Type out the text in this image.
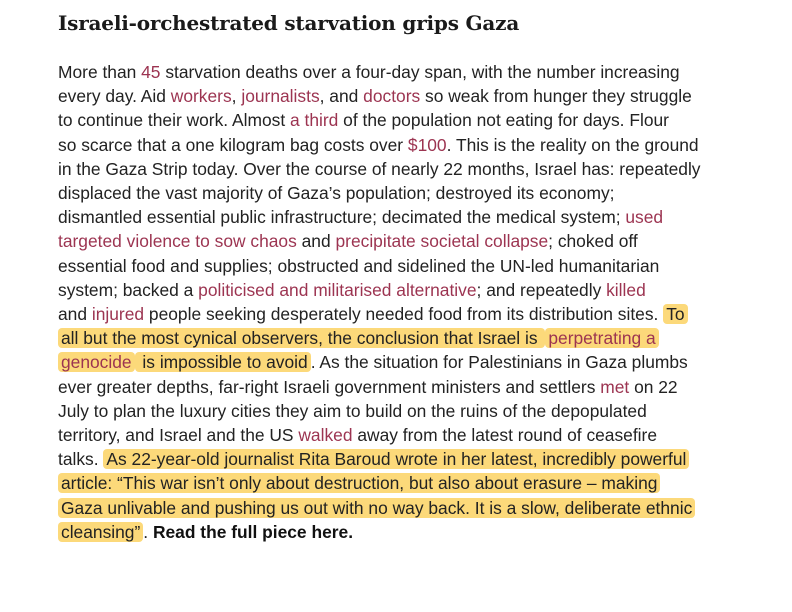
Israeli-orchestrated starvation grips Gaza
More than 45 starvation deaths over a four-day span, with the number increasing
every day. Aid workers, journalists, and doctors so weak from hunger they struggle
to continue their work. Almost a third of the population not eating for days. Flour
so scarce that a one kilogram bag costs over $100. This is the reality on the ground
in the Gaza Strip today. Over the course of nearly 22 months, Israel has: repeatedly
displaced the vast majority of Gaza’s population; destroyed its economy;
dismantled essential public infrastructure; decimated the medical system; used
targeted violence to sow chaos and precipitate societal collapse; choked off
essential food and supplies; obstructed and sidelined the UN-led humanitarian
system; backed a politicised and militarised alternative; and repeatedly killed
and injured people seeking desperately needed food from its distribution sites. To
all but the most cynical observers, the conclusion that Israel is perpetrating a
genocide is impossible to avoid . As the situation for Palestinians in Gaza plumbs
ever greater depths, far-right Israeli government ministers and settlers met on 22
July to plan the luxury cities they aim to build on the ruins of the depopulated
territory, and Israel and the US walked away from the latest round of ceasefire
talks. As 22-year-old journalist Rita Baroud wrote in her latest, incredibly powerful
article: “This war isn’t only about destruction, but also about erasure – making
Gaza unlivable and pushing us out with no way back. It is a slow, deliberate ethnic
cleansing” . Read the full piece here.
